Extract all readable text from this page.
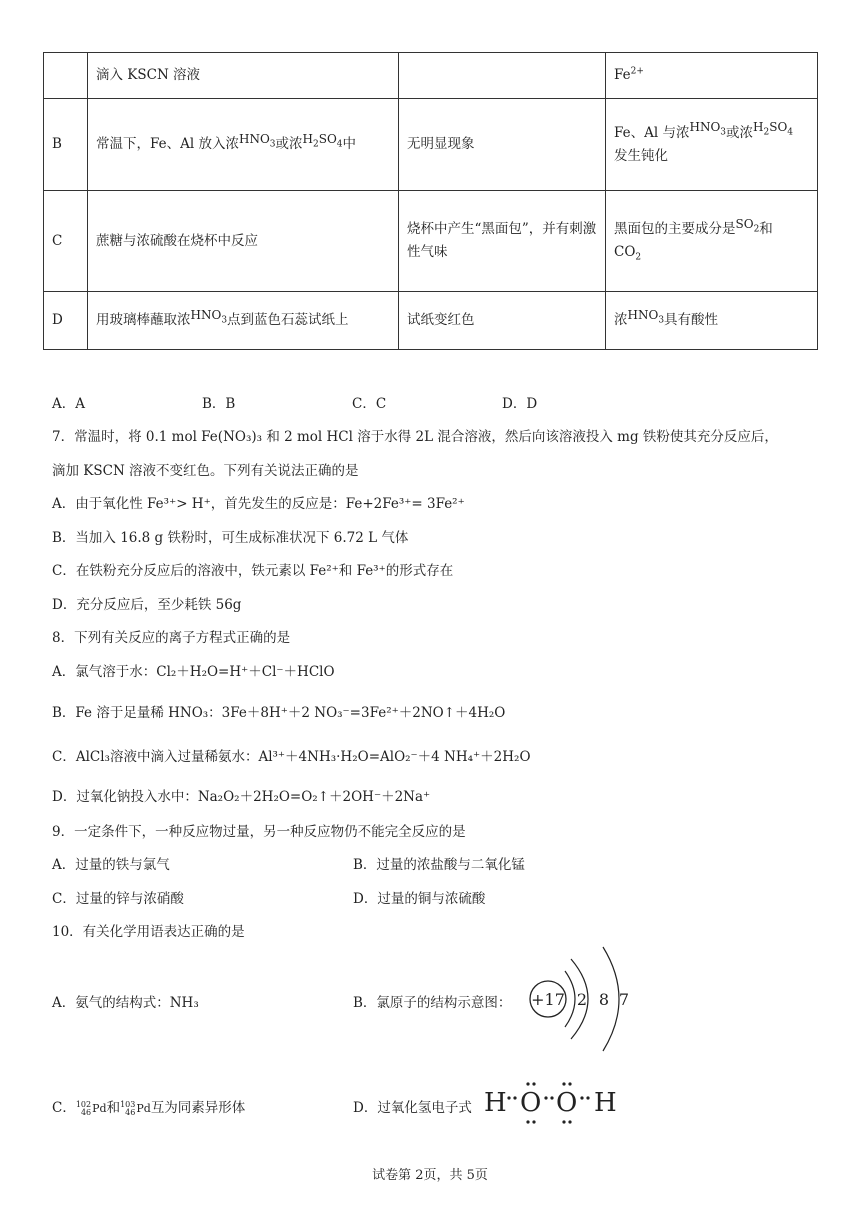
	滴入 KSCN 溶液		$Fe^{2+}$
B	常温下，Fe、Al 放入浓$^{HNO_3}$或浓$^{H_2SO_4}$中	无明显现象	Fe、Al 与浓$^{HNO_3}$或浓$^{H_2SO_4}$
发生钝化
C	蔗糖与浓硫酸在烧杯中反应	烧杯中产生“黑面包”，并有刺激性气味	黑面包的主要成分是$^{SO_2}$和
$CO_2$
D	用玻璃棒蘸取浓$^{HNO_3}$点到蓝色石蕊试纸上	试纸变红色	浓$^{HNO_3}$具有酸性
A．A	B．B	C．C	D．D
7．常温时，将 0.1 mol Fe(NO₃)₃ 和 2 mol HCl 溶于水得 2L 混合溶液，然后向该溶液投入 mg 铁粉使其充分反应后，
滴加 KSCN 溶液不变红色。下列有关说法正确的是
A．由于氧化性 Fe³⁺> H⁺，首先发生的反应是：Fe+2Fe³⁺= 3Fe²⁺
B．当加入 16.8 g 铁粉时，可生成标准状况下 6.72 L 气体
C．在铁粉充分反应后的溶液中，铁元素以 Fe²⁺和 Fe³⁺的形式存在
D．充分反应后，至少耗铁 56g
8．下列有关反应的离子方程式正确的是
A．氯气溶于水：Cl₂＋H₂O=H⁺＋Cl⁻＋HClO
B．Fe 溶于足量稀 HNO₃：3Fe＋8H⁺＋2 NO₃⁻=3Fe²⁺＋2NO↑＋4H₂O
C．AlCl₃溶液中滴入过量稀氨水：Al³⁺＋4NH₃·H₂O=AlO₂⁻＋4 NH₄⁺＋2H₂O
D．过氧化钠投入水中：Na₂O₂＋2H₂O=O₂↑＋2OH⁻＋2Na⁺
9．一定条件下，一种反应物过量，另一种反应物仍不能完全反应的是
A．过量的铁与氯气	B．过量的浓盐酸与二氧化锰
C．过量的锌与浓硝酸	D．过量的铜与浓硫酸
10．有关化学用语表达正确的是
A．氨气的结构式：NH₃	B．氯原子的结构示意图： +17 2 8 7
C．102
46Pd和103
46Pd互为同素异形体	D．过氧化氢电子式 H O O H
试卷第 2页，共 5页
